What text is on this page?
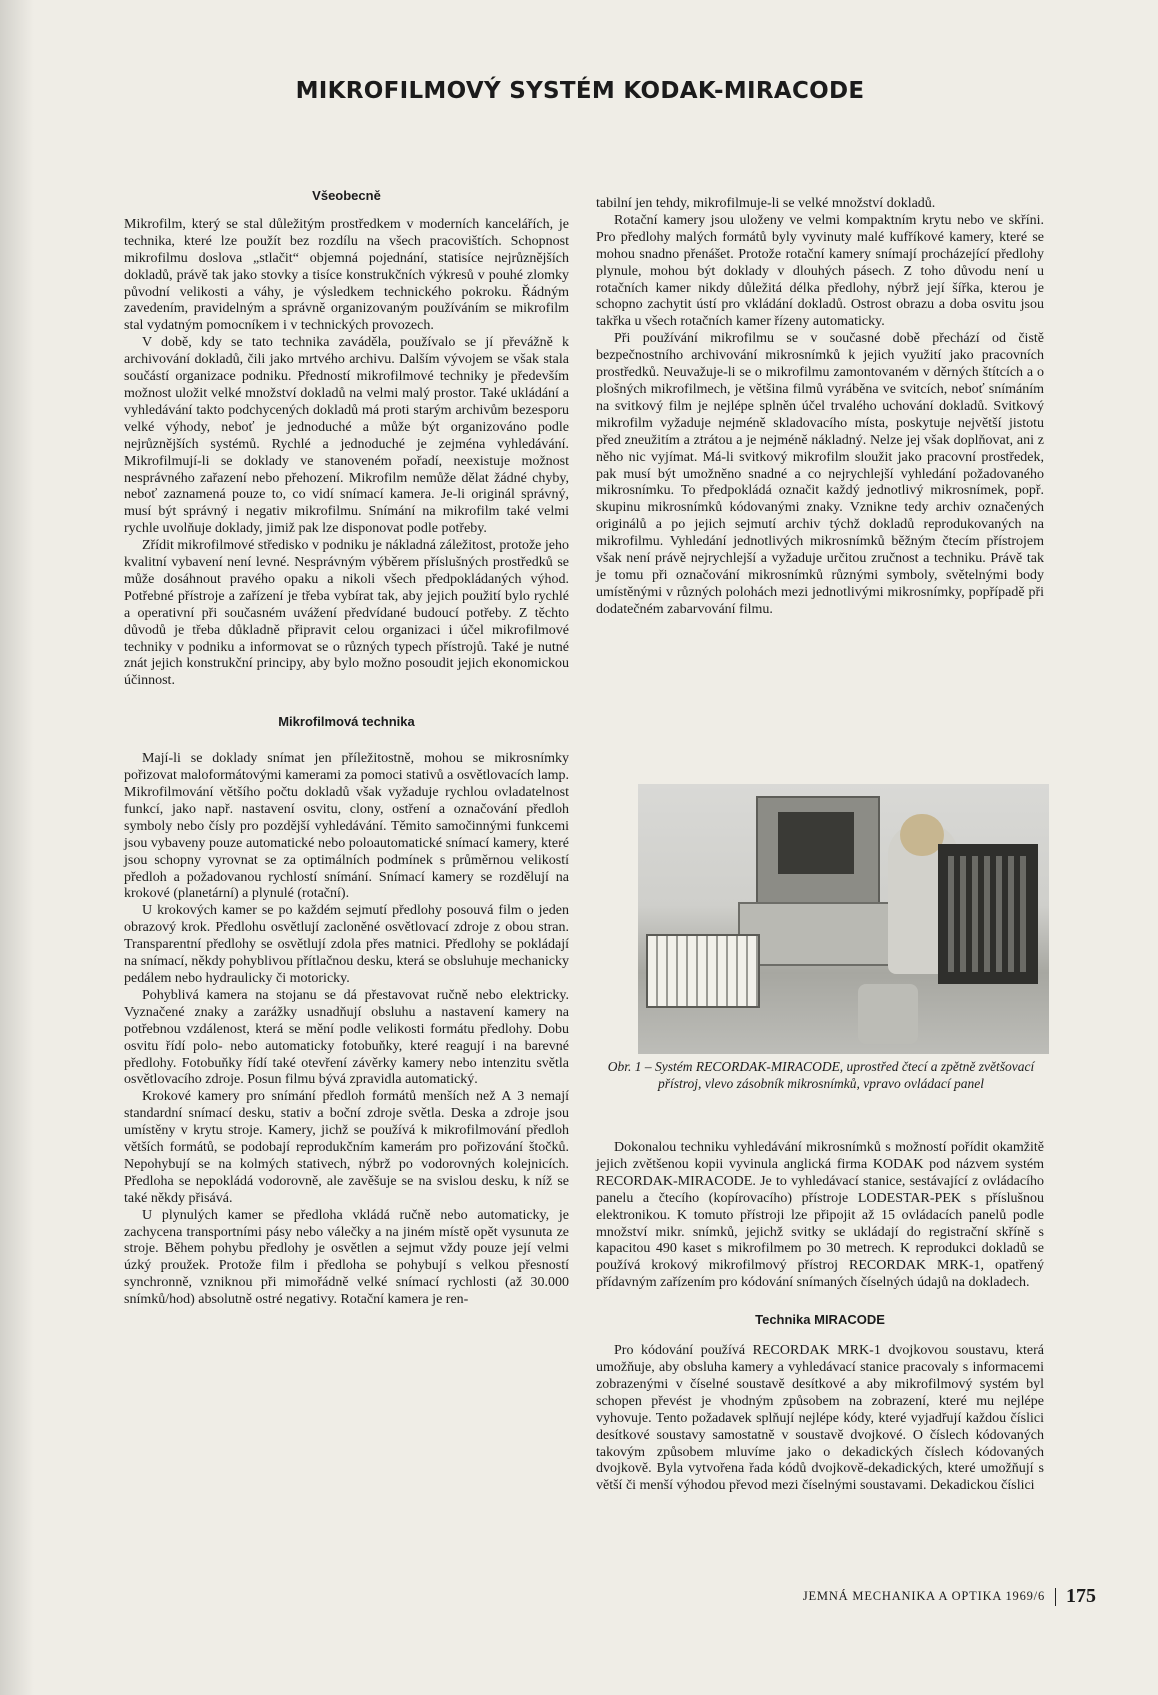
MIKROFILMOVÝ SYSTÉM KODAK-MIRACODE
Všeobecně

Mikrofilm, který se stal důležitým prostředkem v moderních kancelářích, je technika, které lze použít bez rozdílu na všech pracovištích. Schopnost mikrofilmu doslova „stlačit“ objemná pojednání, statisíce nejrůznějších dokladů, právě tak jako stovky a tisíce konstrukčních výkresů v pouhé zlomky původní velikosti a váhy, je výsledkem technického pokroku. Řádným zavedením, pravidelným a správně organizovaným používáním se mikrofilm stal vydatným pomocníkem i v technických provozech.

V době, kdy se tato technika zaváděla, používalo se jí převážně k archivování dokladů, čili jako mrtvého archivu. Dalším vývojem se však stala součástí organizace podniku. Předností mikrofilmové techniky je především možnost uložit velké množství dokladů na velmi malý prostor. Také ukládání a vyhledávání takto podchycených dokladů má proti starým archivům bezesporu velké výhody, neboť je jednoduché a může být organizováno podle nejrůznějších systémů. Rychlé a jednoduché je zejména vyhledávání. Mikrofilmují-li se doklady ve stanoveném pořadí, neexistuje možnost nesprávného zařazení nebo přehození. Mikrofilm nemůže dělat žádné chyby, neboť zaznamená pouze to, co vidí snímací kamera. Je-li originál správný, musí být správný i negativ mikrofilmu. Snímání na mikrofilm také velmi rychle uvolňuje doklady, jimiž pak lze disponovat podle potřeby.

Zřídit mikrofilmové středisko v podniku je nákladná záležitost, protože jeho kvalitní vybavení není levné. Nesprávným výběrem příslušných prostředků se může dosáhnout pravého opaku a nikoli všech předpokládaných výhod. Potřebné přístroje a zařízení je třeba vybírat tak, aby jejich použití bylo rychlé a operativní při současném uvážení předvídané budoucí potřeby. Z těchto důvodů je třeba důkladně připravit celou organizaci i účel mikrofilmové techniky v podniku a informovat se o různých typech přístrojů. Také je nutné znát jejich konstrukční principy, aby bylo možno posoudit jejich ekonomickou účinnost.

Mikrofilmová technika

Mají-li se doklady snímat jen příležitostně, mohou se mikrosnímky pořizovat maloformátovými kamerami za pomoci stativů a osvětlovacích lamp. Mikrofilmování většího počtu dokladů však vyžaduje rychlou ovladatelnost funkcí, jako např. nastavení osvitu, clony, ostření a označování předloh symboly nebo čísly pro pozdější vyhledávání. Těmito samočinnými funkcemi jsou vybaveny pouze automatické nebo poloautomatické snímací kamery, které jsou schopny vyrovnat se za optimálních podmínek s průměrnou velikostí předloh a požadovanou rychlostí snímání. Snímací kamery se rozdělují na krokové (planetární) a plynulé (rotační).

U krokových kamer se po každém sejmutí předlohy posouvá film o jeden obrazový krok. Předlohu osvětlují zacloněné osvětlovací zdroje z obou stran. Transparentní předlohy se osvětlují zdola přes matnici. Předlohy se pokládají na snímací, někdy pohyblivou přítlačnou desku, která se obsluhuje mechanicky pedálem nebo hydraulicky či motoricky.

Pohyblivá kamera na stojanu se dá přestavovat ručně nebo elektricky. Vyznačené znaky a zarážky usnadňují obsluhu a nastavení kamery na potřebnou vzdálenost, která se mění podle velikosti formátu předlohy. Dobu osvitu řídí polo- nebo automaticky fotobuňky, které reagují i na barevné předlohy. Fotobuňky řídí také otevření závěrky kamery nebo intenzitu světla osvětlovacího zdroje. Posun filmu bývá zpravidla automatický.

Krokové kamery pro snímání předloh formátů menších než A 3 nemají standardní snímací desku, stativ a boční zdroje světla. Deska a zdroje jsou umístěny v krytu stroje. Kamery, jichž se používá k mikrofilmování předloh větších formátů, se podobají reprodukčním kamerám pro pořizování štočků. Nepohybují se na kolmých stativech, nýbrž po vodorovných kolejnicích. Předloha se nepokládá vodorovně, ale zavěšuje se na svislou desku, k níž se také někdy přisává.

U plynulých kamer se předloha vkládá ručně nebo automaticky, je zachycena transportními pásy nebo válečky a na jiném místě opět vysunuta ze stroje. Během pohybu předlohy je osvětlen a sejmut vždy pouze její velmi úzký proužek. Protože film i předloha se pohybují s velkou přesností synchronně, vzniknou při mimořádně velké snímací rychlosti (až 30.000 snímků/hod) absolutně ostré negativy. Rotační kamera je ren-

tabilní jen tehdy, mikrofilmuje-li se velké množství dokladů.

Rotační kamery jsou uloženy ve velmi kompaktním krytu nebo ve skříni. Pro předlohy malých formátů byly vyvinuty malé kufříkové kamery, které se mohou snadno přenášet. Protože rotační kamery snímají procházející předlohy plynule, mohou být doklady v dlouhých pásech. Z toho důvodu není u rotačních kamer nikdy důležitá délka předlohy, nýbrž její šířka, kterou je schopno zachytit ústí pro vkládání dokladů. Ostrost obrazu a doba osvitu jsou takřka u všech rotačních kamer řízeny automaticky.

Při používání mikrofilmu se v současné době přechází od čistě bezpečnostního archivování mikrosnímků k jejich využití jako pracovních prostředků. Neuvažuje-li se o mikrofilmu zamontovaném v děrných štítcích a o plošných mikrofilmech, je většina filmů vyráběna ve svitcích, neboť snímáním na svitkový film je nejlépe splněn účel trvalého uchování dokladů. Svitkový mikrofilm vyžaduje nejméně skladovacího místa, poskytuje největší jistotu před zneužitím a ztrátou a je nejméně nákladný. Nelze jej však doplňovat, ani z něho nic vyjímat. Má-li svitkový mikrofilm sloužit jako pracovní prostředek, pak musí být umožněno snadné a co nejrychlejší vyhledání požadovaného mikrosnímku. To předpokládá označit každý jednotlivý mikrosnímek, popř. skupinu mikrosnímků kódovanými znaky. Vznikne tedy archiv označených originálů a po jejich sejmutí archiv týchž dokladů reprodukovaných na mikrofilmu. Vyhledání jednotlivých mikrosnímků běžným čtecím přístrojem však není právě nejrychlejší a vyžaduje určitou zručnost a techniku. Právě tak je tomu při označování mikrosnímků různými symboly, světelnými body umístěnými v různých polohách mezi jednotlivými mikrosnímky, popřípadě při dodatečném zabarvování filmu.

Obr. 1 – Systém RECORDAK-MIRACODE, uprostřed čtecí a zpětně zvětšovací přístroj, vlevo zásobník mikrosnímků, vpravo ovládací panel

Dokonalou techniku vyhledávání mikrosnímků s možností pořídit okamžitě jejich zvětšenou kopii vyvinula anglická firma KODAK pod názvem systém RECORDAK-MIRACODE. Je to vyhledávací stanice, sestávající z ovládacího panelu a čtecího (kopírovacího) přístroje LODESTAR-PEK s příslušnou elektronikou. K tomuto přístroji lze připojit až 15 ovládacích panelů podle množství mikr. snímků, jejichž svitky se ukládají do registrační skříně s kapacitou 490 kaset s mikrofilmem po 30 metrech. K reprodukci dokladů se používá krokový mikrofilmový přístroj RECORDAK MRK-1, opatřený přídavným zařízením pro kódování snímaných číselných údajů na dokladech.

Technika MIRACODE

Pro kódování používá RECORDAK MRK-1 dvojkovou soustavu, která umožňuje, aby obsluha kamery a vyhledávací stanice pracovaly s informacemi zobrazenými v číselné soustavě desítkové a aby mikrofilmový systém byl schopen převést je vhodným způsobem na zobrazení, které mu nejlépe vyhovuje. Tento požadavek splňují nejlépe kódy, které vyjadřují každou číslici desítkové soustavy samostatně v soustavě dvojkové. O číslech kódovaných takovým způsobem mluvíme jako o dekadických číslech kódovaných dvojkově. Byla vytvořena řada kódů dvojkově-dekadických, které umožňují s větší či menší výhodou převod mezi číselnými soustavami. Dekadickou číslici

JEMNÁ MECHANIKA A OPTIKA 1969/6 175
